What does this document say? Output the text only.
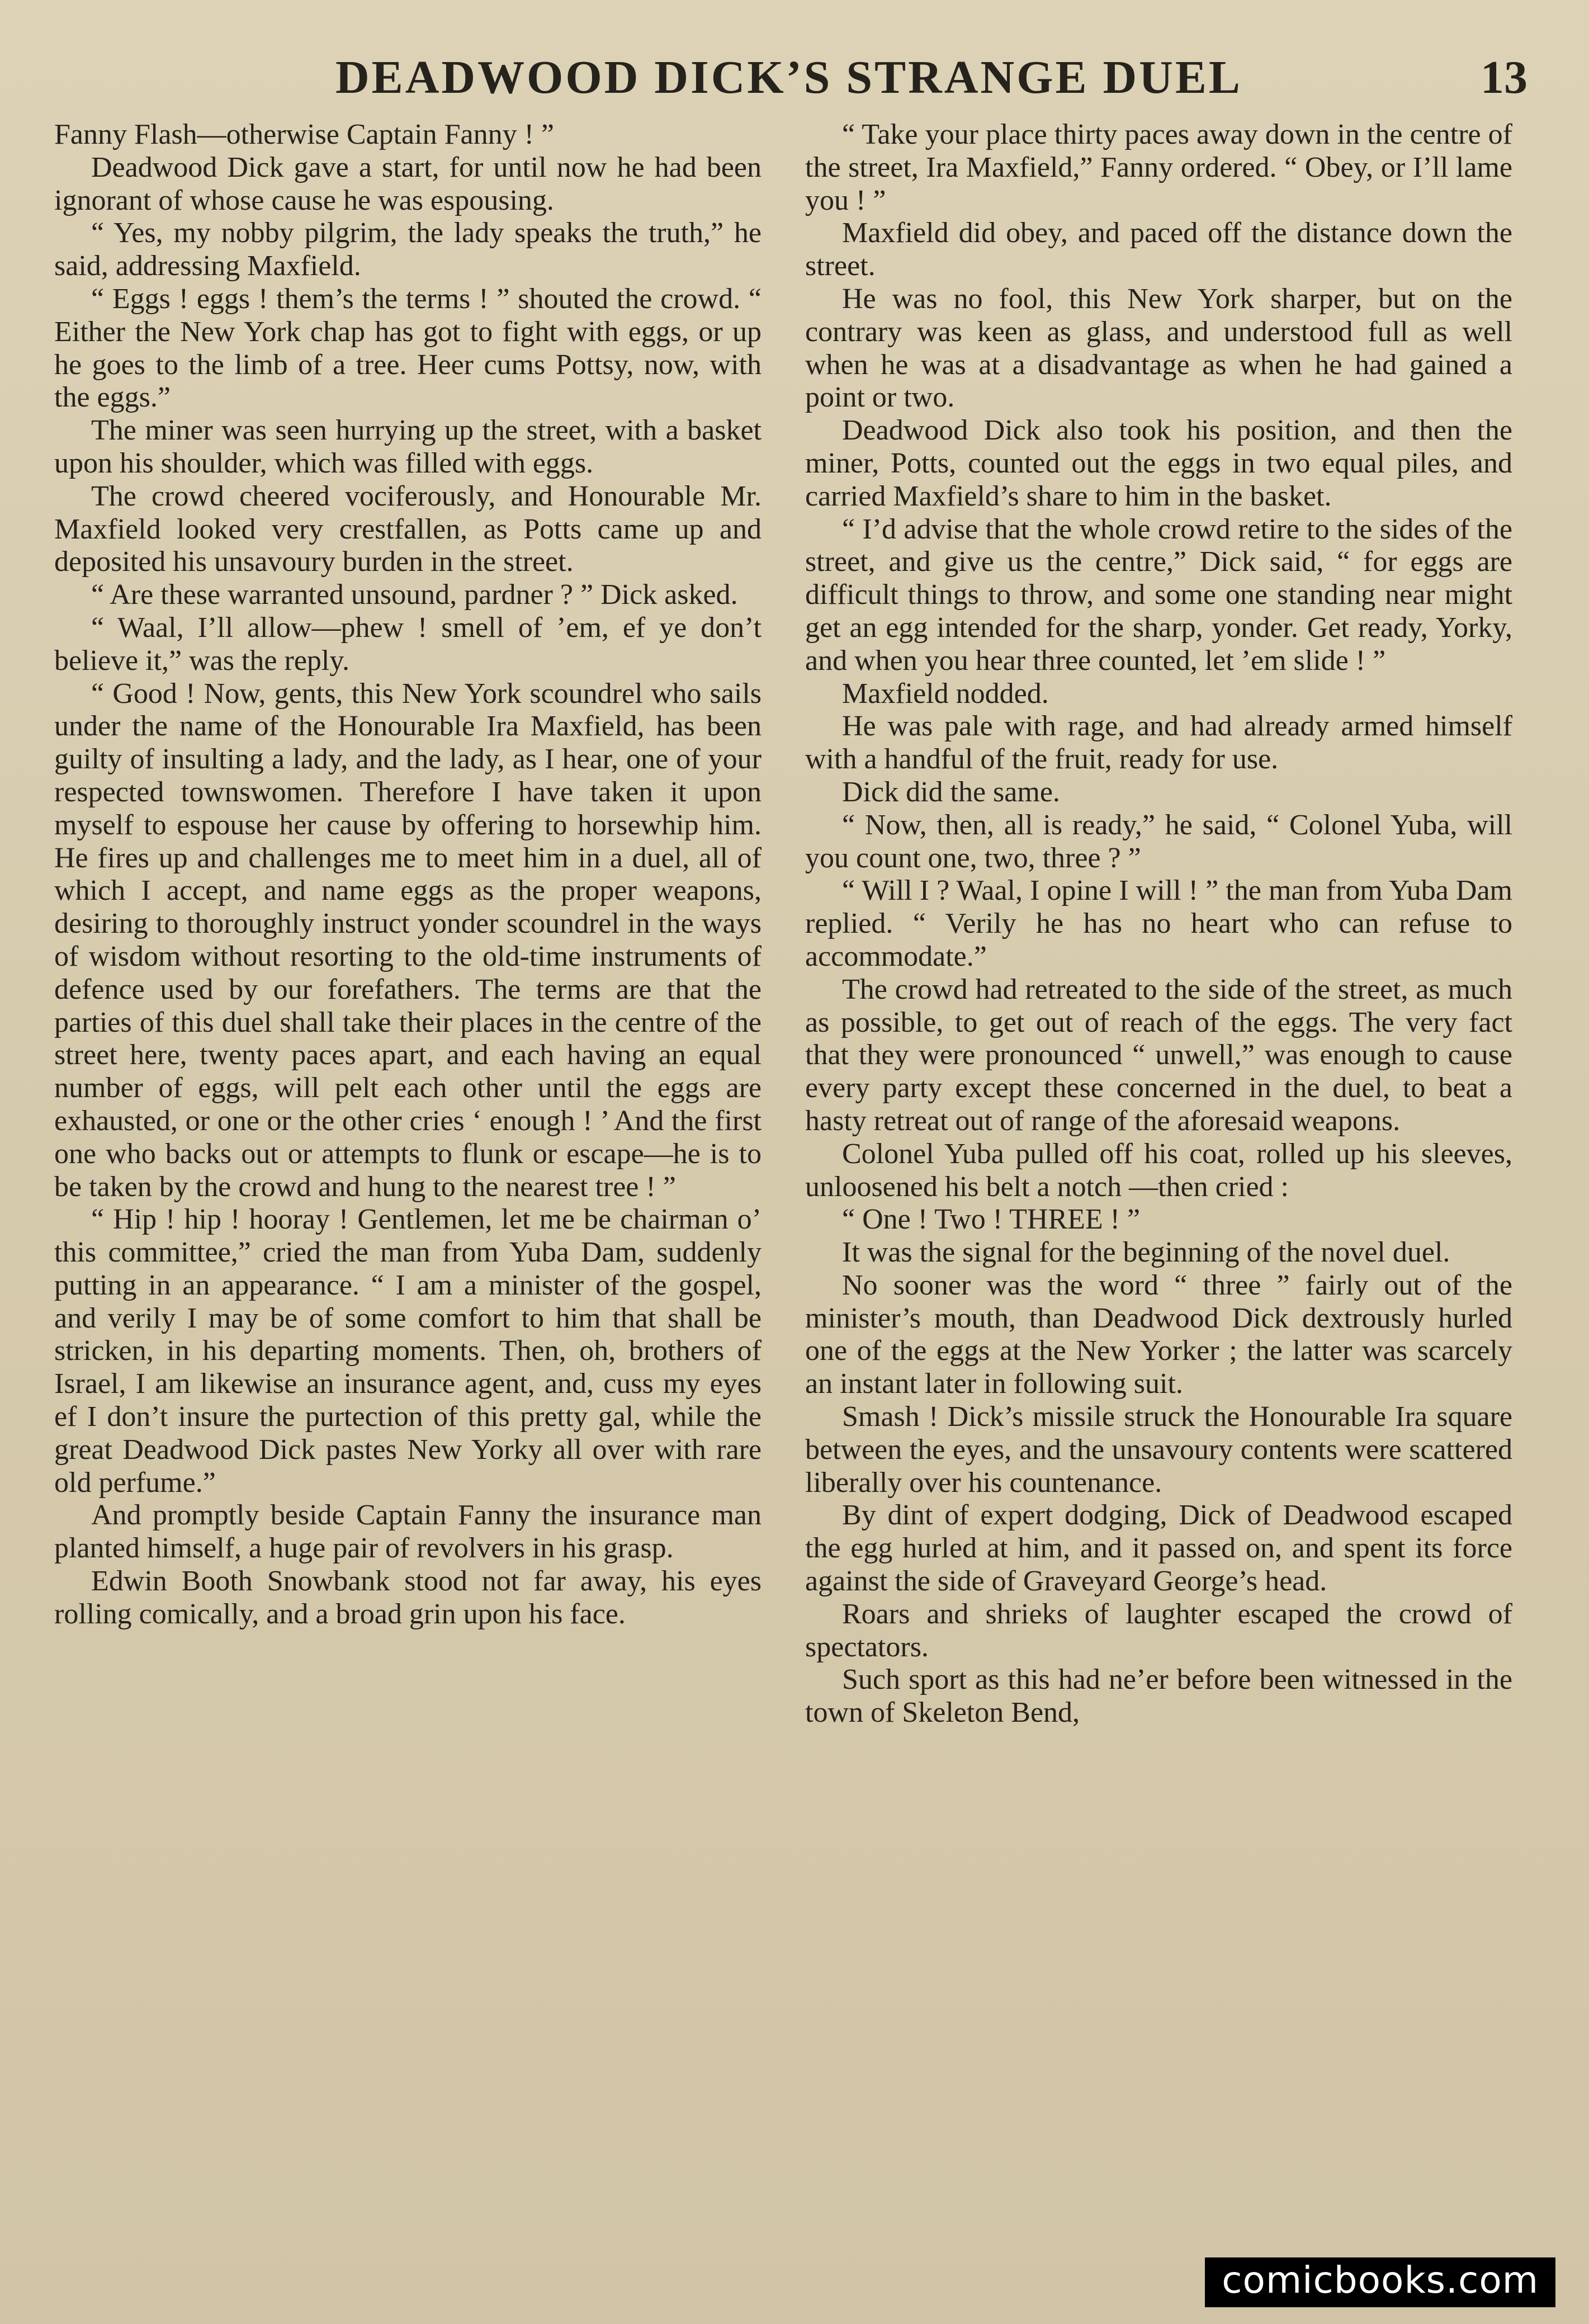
DEADWOOD DICK’S STRANGE DUEL	13

Fanny Flash—otherwise Captain Fanny ! ”

Deadwood Dick gave a start, for until now he had been ignorant of whose cause he was espousing.

“ Yes, my nobby pilgrim, the lady speaks the truth,” he said, addressing Maxfield.

“ Eggs ! eggs ! them’s the terms ! ” shouted the crowd. “ Either the New York chap has got to fight with eggs, or up he goes to the limb of a tree. Heer cums Pottsy, now, with the eggs.”

The miner was seen hurrying up the street, with a basket upon his shoulder, which was filled with eggs.

The crowd cheered vociferously, and Honourable Mr. Maxfield looked very crestfallen, as Potts came up and deposited his unsavoury burden in the street.

“ Are these warranted unsound, pardner ? ” Dick asked.

“ Waal, I’ll allow—phew ! smell of ’em, ef ye don’t believe it,” was the reply.

“ Good ! Now, gents, this New York scoundrel who sails under the name of the Honourable Ira Maxfield, has been guilty of insulting a lady, and the lady, as I hear, one of your respected townswomen. Therefore I have taken it upon myself to espouse her cause by offering to horsewhip him. He fires up and challenges me to meet him in a duel, all of which I accept, and name eggs as the proper weapons, desiring to thoroughly instruct yonder scoundrel in the ways of wisdom without resorting to the old-time instruments of defence used by our forefathers. The terms are that the parties of this duel shall take their places in the centre of the street here, twenty paces apart, and each having an equal number of eggs, will pelt each other until the eggs are exhausted, or one or the other cries ‘ enough ! ’ And the first one who backs out or attempts to flunk or escape—he is to be taken by the crowd and hung to the nearest tree ! ”

“ Hip ! hip ! hooray ! Gentlemen, let me be chairman o’ this committee,” cried the man from Yuba Dam, suddenly putting in an appearance. “ I am a minister of the gospel, and verily I may be of some comfort to him that shall be stricken, in his departing moments. Then, oh, brothers of Israel, I am likewise an insurance agent, and, cuss my eyes ef I don’t insure the purtection of this pretty gal, while the great Deadwood Dick pastes New Yorky all over with rare old perfume.”

And promptly beside Captain Fanny the insurance man planted himself, a huge pair of revolvers in his grasp.

Edwin Booth Snowbank stood not far away, his eyes rolling comically, and a broad grin upon his face.

“ Take your place thirty paces away down in the centre of the street, Ira Maxfield,” Fanny ordered. “ Obey, or I’ll lame you ! ”

Maxfield did obey, and paced off the distance down the street.

He was no fool, this New York sharper, but on the contrary was keen as glass, and understood full as well when he was at a disadvantage as when he had gained a point or two.

Deadwood Dick also took his position, and then the miner, Potts, counted out the eggs in two equal piles, and carried Maxfield’s share to him in the basket.

“ I’d advise that the whole crowd retire to the sides of the street, and give us the centre,” Dick said, “ for eggs are difficult things to throw, and some one standing near might get an egg intended for the sharp, yonder. Get ready, Yorky, and when you hear three counted, let ’em slide ! ”

Maxfield nodded.

He was pale with rage, and had already armed himself with a handful of the fruit, ready for use.

Dick did the same.

“ Now, then, all is ready,” he said, “ Colonel Yuba, will you count one, two, three ? ”

“ Will I ? Waal, I opine I will ! ” the man from Yuba Dam replied. “ Verily he has no heart who can refuse to accommodate.”

The crowd had retreated to the side of the street, as much as possible, to get out of reach of the eggs. The very fact that they were pronounced “ unwell,” was enough to cause every party except these concerned in the duel, to beat a hasty retreat out of range of the aforesaid weapons.

Colonel Yuba pulled off his coat, rolled up his sleeves, unloosened his belt a notch —then cried :

“ One ! Two ! THREE ! ”

It was the signal for the beginning of the novel duel.

No sooner was the word “ three ” fairly out of the minister’s mouth, than Deadwood Dick dextrously hurled one of the eggs at the New Yorker ; the latter was scarcely an instant later in following suit.

Smash ! Dick’s missile struck the Honourable Ira square between the eyes, and the unsavoury contents were scattered liberally over his countenance.

By dint of expert dodging, Dick of Deadwood escaped the egg hurled at him, and it passed on, and spent its force against the side of Graveyard George’s head.

Roars and shrieks of laughter escaped the crowd of spectators.

Such sport as this had ne’er before been witnessed in the town of Skeleton Bend,

comicbooks.com
